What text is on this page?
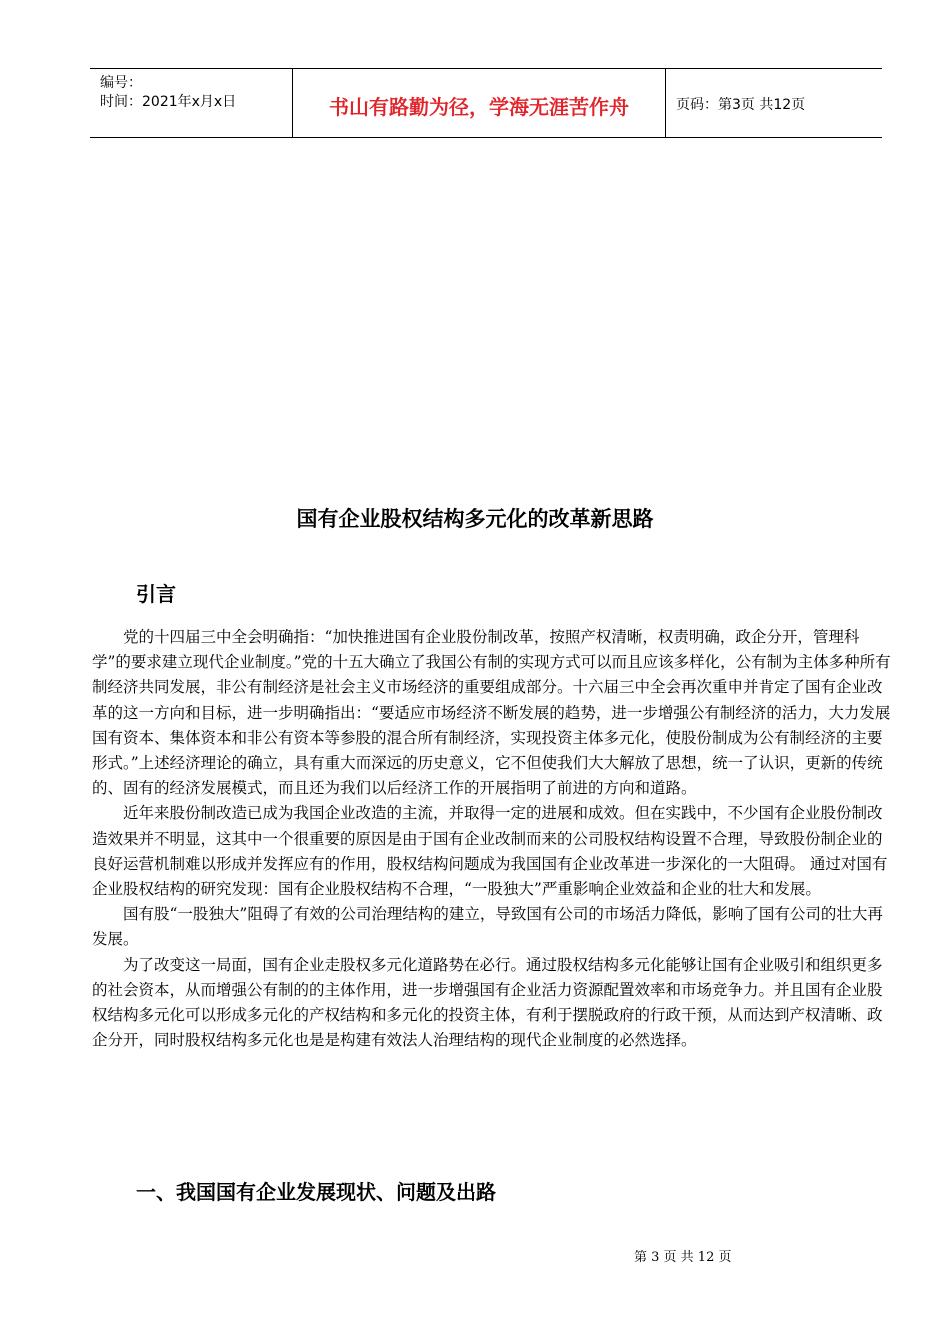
编号：
时间：2021年x月x日	书山有路勤为径，学海无涯苦作舟	页码：第3页 共12页
国有企业股权结构多元化的改革新思路
引言

党的十四届三中全会明确指：“加快推进国有企业股份制改革，按照产权清晰，权责明确，政企分开，管理科学”的要求建立现代企业制度。”党的十五大确立了我国公有制的实现方式可以而且应该多样化，公有制为主体多种所有制经济共同发展，非公有制经济是社会主义市场经济的重要组成部分。十六届三中全会再次重申并肯定了国有企业改革的这一方向和目标，进一步明确指出：“要适应市场经济不断发展的趋势，进一步增强公有制经济的活力，大力发展国有资本、集体资本和非公有资本等参股的混合所有制经济，实现投资主体多元化，使股份制成为公有制经济的主要形式。”上述经济理论的确立，具有重大而深远的历史意义，它不但使我们大大解放了思想，统一了认识，更新的传统的、固有的经济发展模式，而且还为我们以后经济工作的开展指明了前进的方向和道路。

近年来股份制改造已成为我国企业改造的主流，并取得一定的进展和成效。但在实践中，不少国有企业股份制改造效果并不明显，这其中一个很重要的原因是由于国有企业改制而来的公司股权结构设置不合理，导致股份制企业的良好运营机制难以形成并发挥应有的作用，股权结构问题成为我国国有企业改革进一步深化的一大阻碍。 通过对国有企业股权结构的研究发现：国有企业股权结构不合理，“一股独大”严重影响企业效益和企业的壮大和发展。

国有股“一股独大”阻碍了有效的公司治理结构的建立，导致国有公司的市场活力降低，影响了国有公司的壮大再发展。

为了改变这一局面，国有企业走股权多元化道路势在必行。通过股权结构多元化能够让国有企业吸引和组织更多的社会资本，从而增强公有制的的主体作用，进一步增强国有企业活力资源配置效率和市场竞争力。并且国有企业股权结构多元化可以形成多元化的产权结构和多元化的投资主体，有利于摆脱政府的行政干预，从而达到产权清晰、政企分开，同时股权结构多元化也是是构建有效法人治理结构的现代企业制度的必然选择。

一、我国国有企业发展现状、问题及出路
第 3 页 共 12 页
